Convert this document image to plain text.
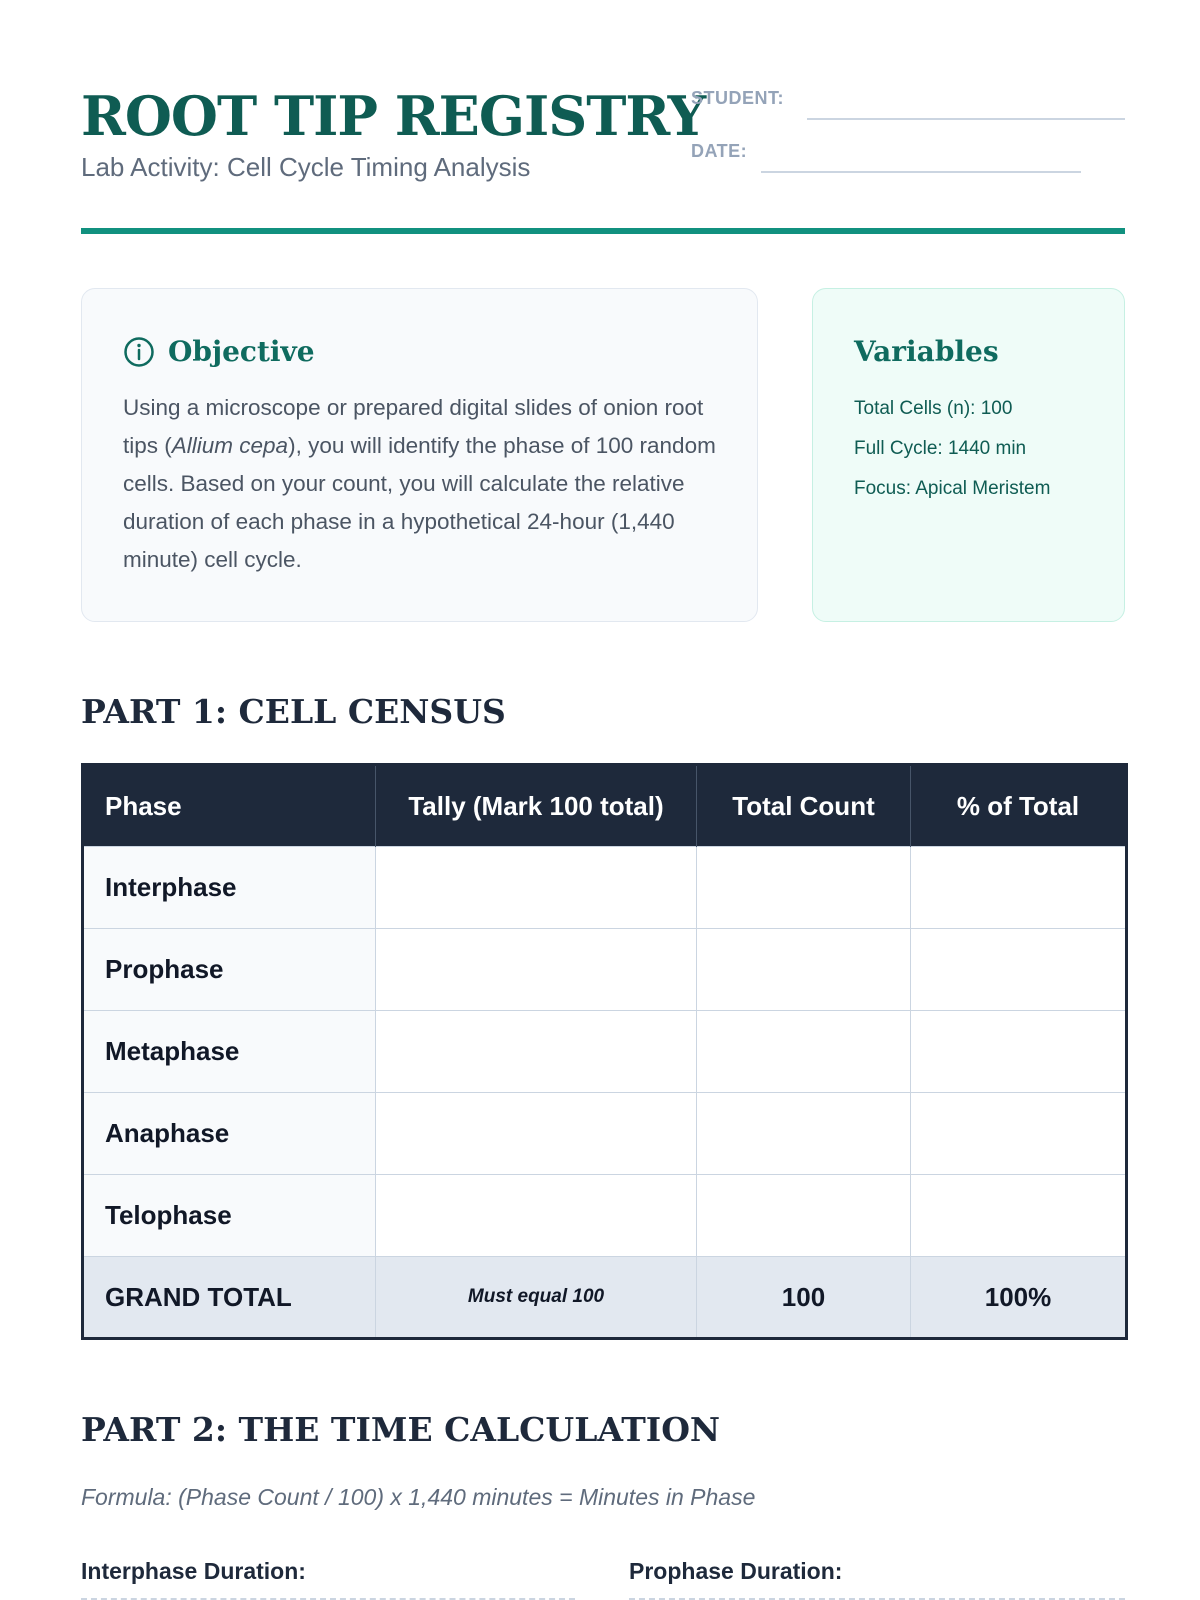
ROOT TIP REGISTRY
Lab Activity: Cell Cycle Timing Analysis
STUDENT:
DATE:
Objective

Using a microscope or prepared digital slides of onion root tips (Allium cepa), you will identify the phase of 100 random cells. Based on your count, you will calculate the relative duration of each phase in a hypothetical 24-hour (1,440 minute) cell cycle.

Variables
Total Cells (n): 100
Full Cycle: 1440 min
Focus: Apical Meristem
PART 1: CELL CENSUS
Phase	Tally (Mark 100 total)	Total Count	% of Total
Interphase			
Prophase			
Metaphase			
Anaphase			
Telophase			
GRAND TOTAL	Must equal 100	100	100%
PART 2: THE TIME CALCULATION
Formula: (Phase Count / 100) x 1,440 minutes = Minutes in Phase
Interphase Duration:	Prophase Duration:
